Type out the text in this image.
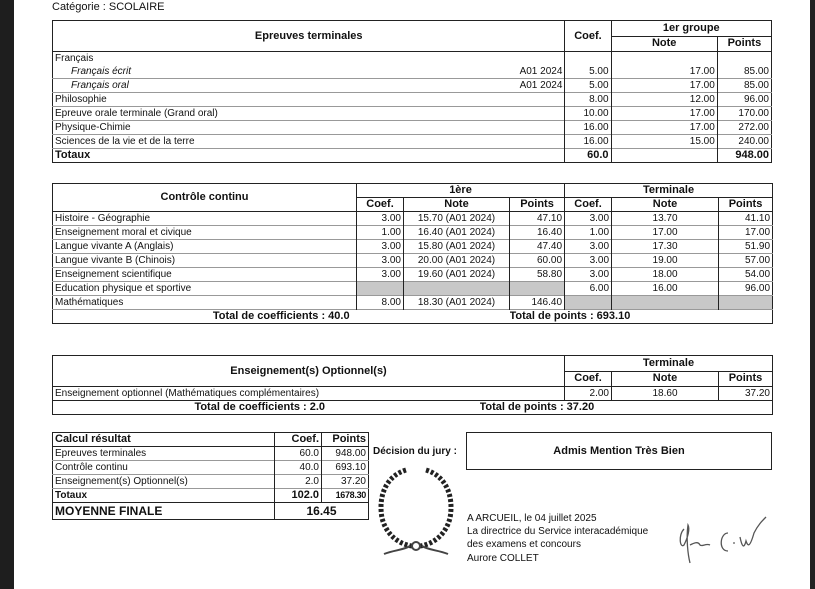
Catégorie : SCOLAIRE
Epreuves terminales		Coef.	1er groupe	
			Note	Points
Français				
Français écrit	A01 2024	5.00	17.00	85.00
Français oral	A01 2024	5.00	17.00	85.00
Philosophie		8.00	12.00	96.00
Epreuve orale terminale (Grand oral)		10.00	17.00	170.00
Physique-Chimie		16.00	17.00	272.00
Sciences de la vie et de la terre		16.00	15.00	240.00
Totaux		60.0		948.00
Contrôle continu	1ère			Terminale		
	Coef.	Note	Points	Coef.	Note	Points
Histoire - Géographie	3.00	15.70 (A01 2024)	47.10	3.00	13.70	41.10
Enseignement moral et civique	1.00	16.40 (A01 2024)	16.40	1.00	17.00	17.00
Langue vivante A (Anglais)	3.00	15.80 (A01 2024)	47.40	3.00	17.30	51.90
Langue vivante B (Chinois)	3.00	20.00 (A01 2024)	60.00	3.00	19.00	57.00
Enseignement scientifique	3.00	19.60 (A01 2024)	58.80	3.00	18.00	54.00
Education physique et sportive				6.00	16.00	96.00
Mathématiques	8.00	18.30 (A01 2024)	146.40			
Total de coefficients : 40.0			Total de points : 693.10			
Enseignement(s) Optionnel(s)	Terminale
Coef.	Note	Points
Enseignement optionnel (Mathématiques complémentaires)	2.00	18.60	37.20
Total de coefficients : 2.0	Total de points : 37.20
Calcul résultat	Coef.	Points
Epreuves terminales	60.0	948.00
Contrôle continu	40.0	693.10
Enseignement(s) Optionnel(s)	2.0	37.20
Totaux	102.0	1678.30
MOYENNE FINALE	16.45	
Décision du jury :	Admis Mention Très Bien
A ARCUEIL, le 04 juillet 2025
La directrice du Service interacadémique
des examens et concours
Aurore COLLET
